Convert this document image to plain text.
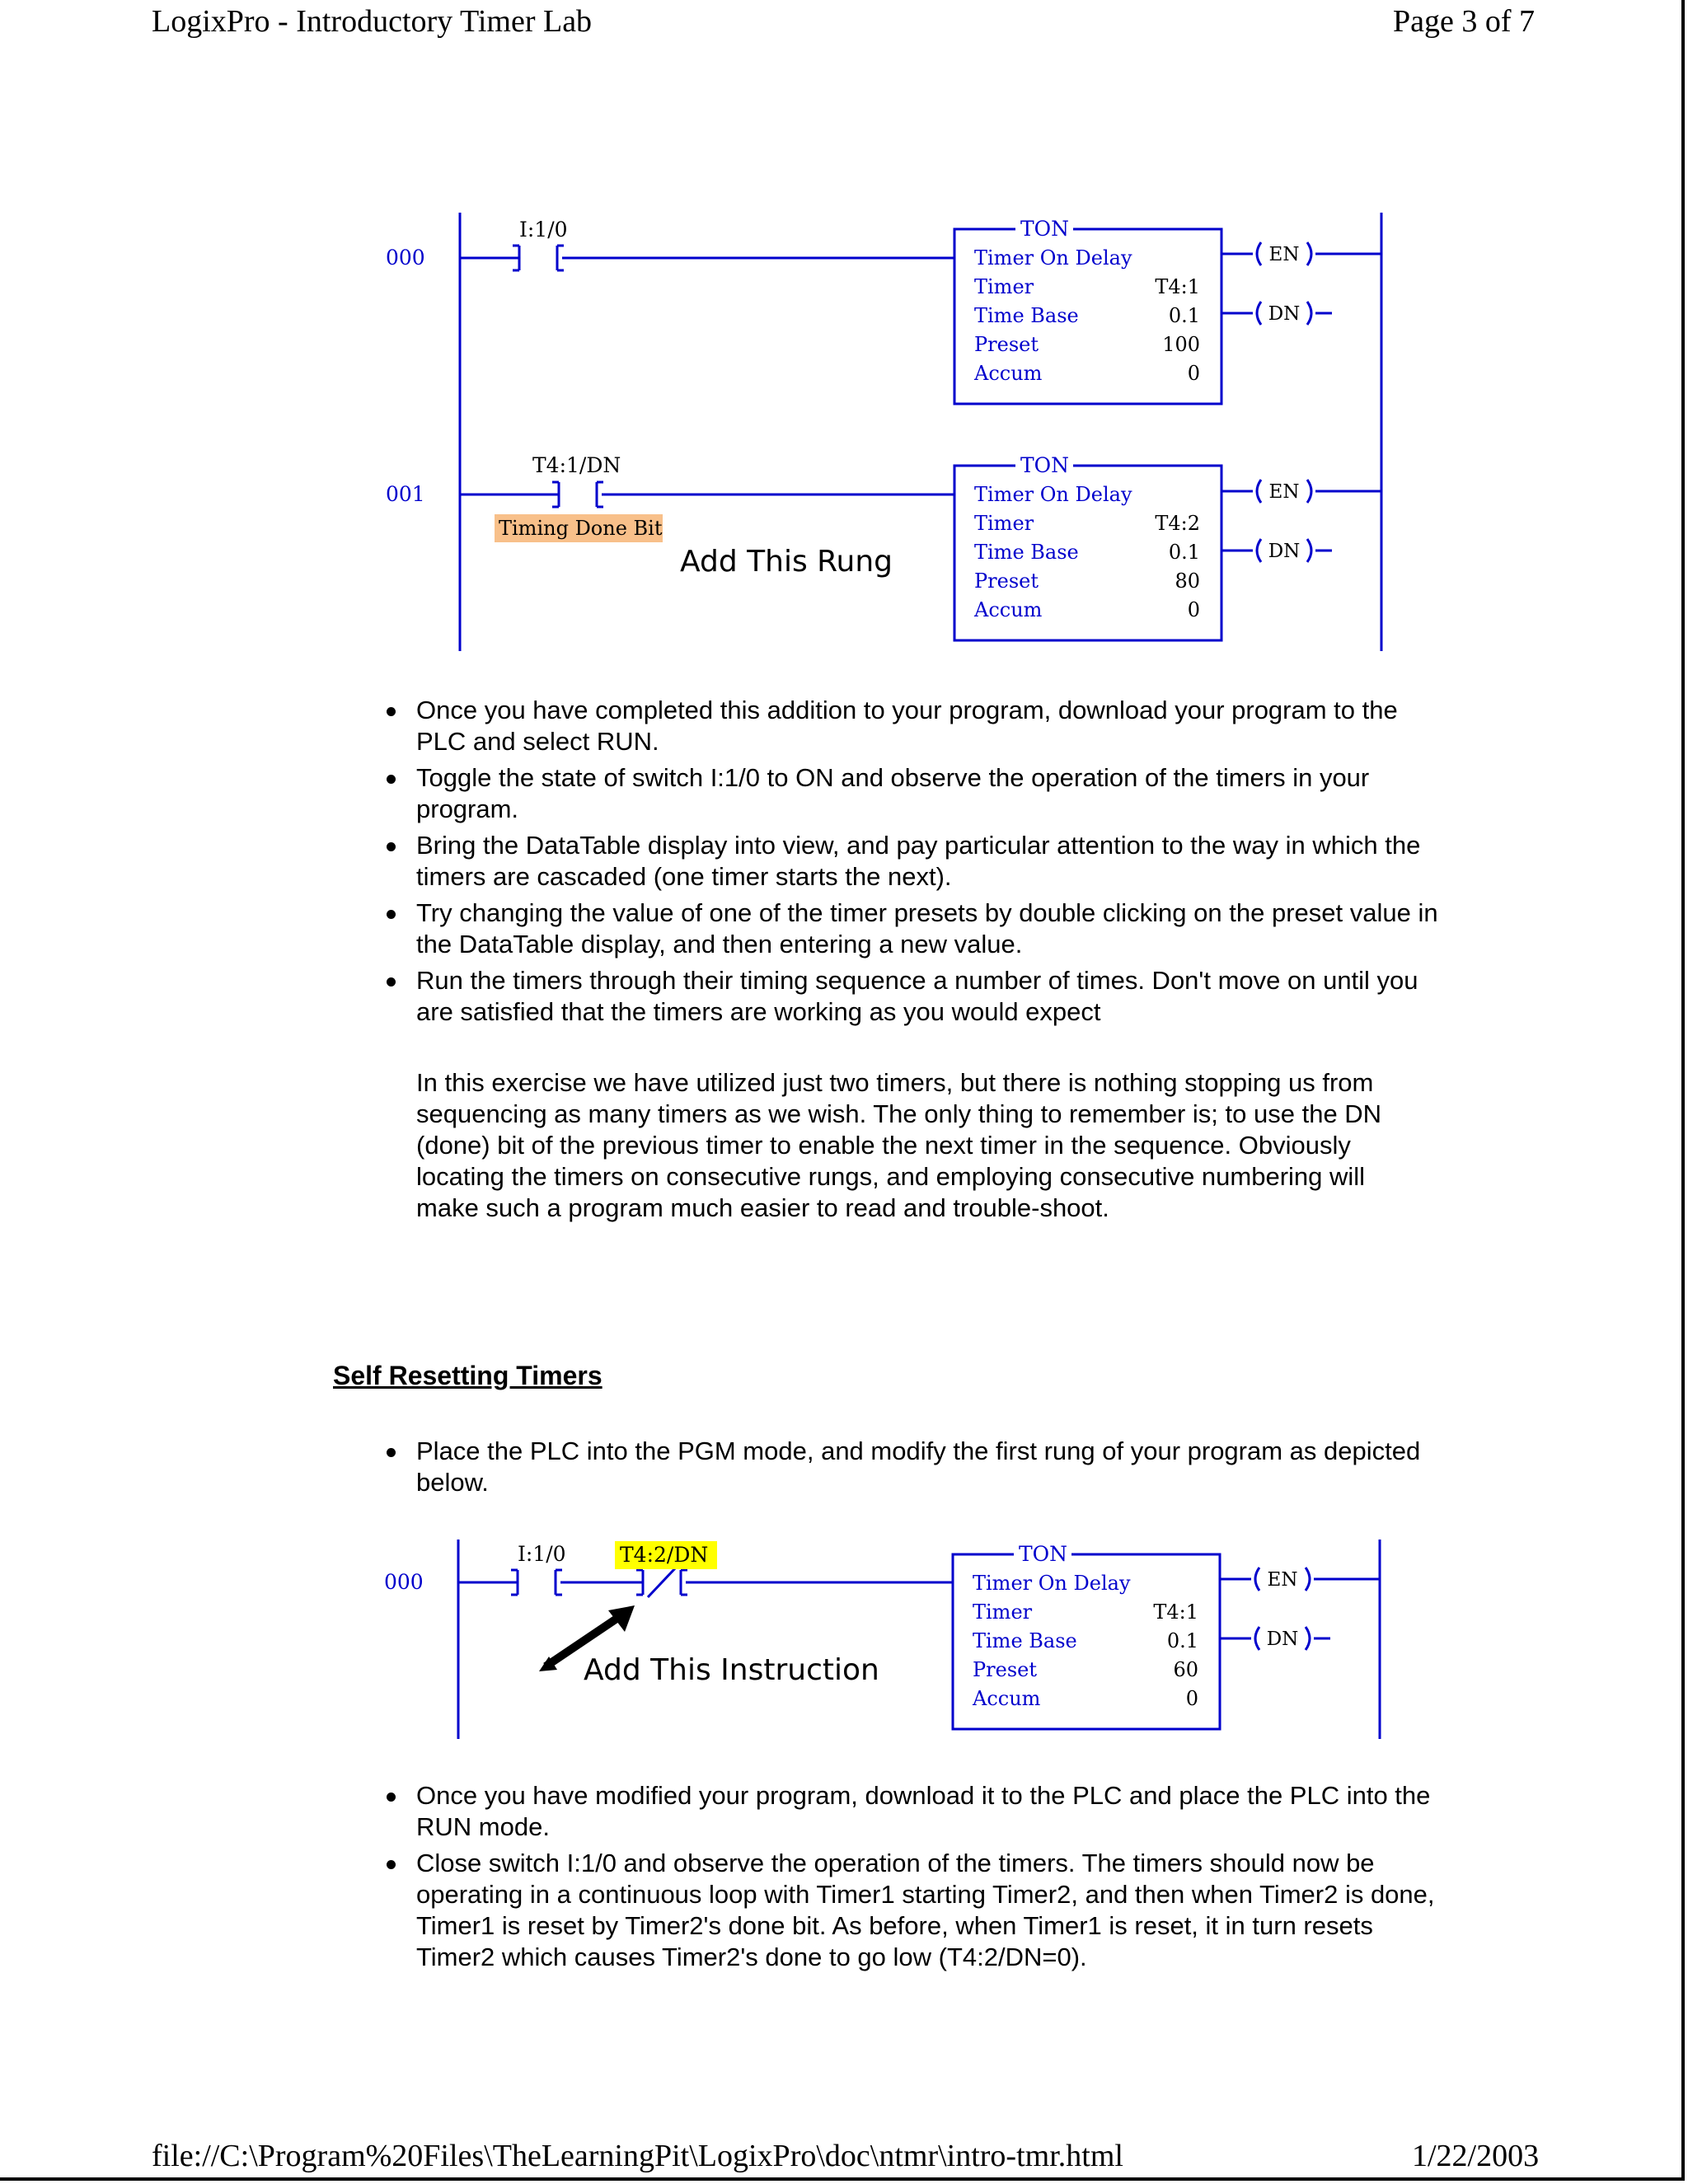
LogixPro - Introductory Timer Lab	Page 3 of 7
000
I:1/0	TON
Timer On Delay
Timer	T4:1
Time Base	0.1
Preset	100
Accum	0
EN
DN
001
T4:1/DN
Timing Done Bit
Add This Rung
TON
Timer On Delay
Timer	T4:2
Time Base	0.1
Preset	80
Accum	0
EN
DN
Once you have completed this addition to your program, download your program to the PLC and select RUN.
Toggle the state of switch I:1/0 to ON and observe the operation of the timers in your program.
Bring the DataTable display into view, and pay particular attention to the way in which the timers are cascaded (one timer starts the next).
Try changing the value of one of the timer presets by double clicking on the preset value in the DataTable display, and then entering a new value.
Run the timers through their timing sequence a number of times. Don't move on until you are satisfied that the timers are working as you would expect

In this exercise we have utilized just two timers, but there is nothing stopping us from sequencing as many timers as we wish. The only thing to remember is; to use the DN (done) bit of the previous timer to enable the next timer in the sequence. Obviously locating the timers on consecutive rungs, and employing consecutive numbering will make such a program much easier to read and trouble-shoot.

Self Resetting Timers
Place the PLC into the PGM mode, and modify the first rung of your program as depicted below.
000
I:1/0	T4:2/DN
Add This Instruction
TON
Timer On Delay
Timer	T4:1
Time Base	0.1
Preset	60
Accum	0
EN
DN
Once you have modified your program, download it to the PLC and place the PLC into the RUN mode.
Close switch I:1/0 and observe the operation of the timers. The timers should now be operating in a continuous loop with Timer1 starting Timer2, and then when Timer2 is done, Timer1 is reset by Timer2's done bit. As before, when Timer1 is reset, it in turn resets Timer2 which causes Timer2's done to go low (T4:2/DN=0).
file://C:\Program%20Files\TheLearningPit\LogixPro\doc\ntmr\intro-tmr.html	1/22/2003
